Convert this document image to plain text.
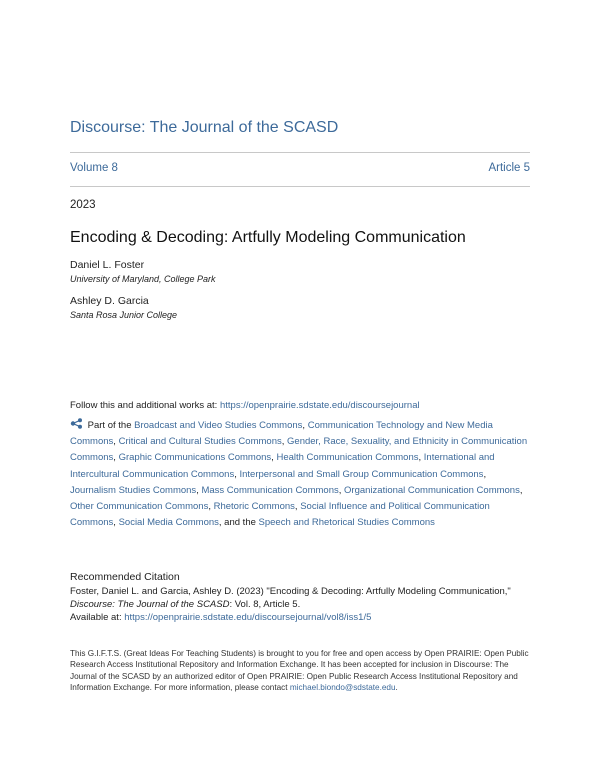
Discourse: The Journal of the SCASD
Volume 8	Article 5
2023
Encoding & Decoding: Artfully Modeling Communication
Daniel L. Foster
University of Maryland, College Park
Ashley D. Garcia
Santa Rosa Junior College
Follow this and additional works at: https://openprairie.sdstate.edu/discoursejournal
Part of the Broadcast and Video Studies Commons, Communication Technology and New Media Commons, Critical and Cultural Studies Commons, Gender, Race, Sexuality, and Ethnicity in Communication Commons, Graphic Communications Commons, Health Communication Commons, International and Intercultural Communication Commons, Interpersonal and Small Group Communication Commons, Journalism Studies Commons, Mass Communication Commons, Organizational Communication Commons, Other Communication Commons, Rhetoric Commons, Social Influence and Political Communication Commons, Social Media Commons, and the Speech and Rhetorical Studies Commons
Recommended Citation
Foster, Daniel L. and Garcia, Ashley D. (2023) "Encoding & Decoding: Artfully Modeling Communication,"
Discourse: The Journal of the SCASD: Vol. 8, Article 5.
Available at: https://openprairie.sdstate.edu/discoursejournal/vol8/iss1/5
This G.I.F.T.S. (Great Ideas For Teaching Students) is brought to you for free and open access by Open PRAIRIE: Open Public Research Access Institutional Repository and Information Exchange. It has been accepted for inclusion in Discourse: The Journal of the SCASD by an authorized editor of Open PRAIRIE: Open Public Research Access Institutional Repository and Information Exchange. For more information, please contact michael.biondo@sdstate.edu.
